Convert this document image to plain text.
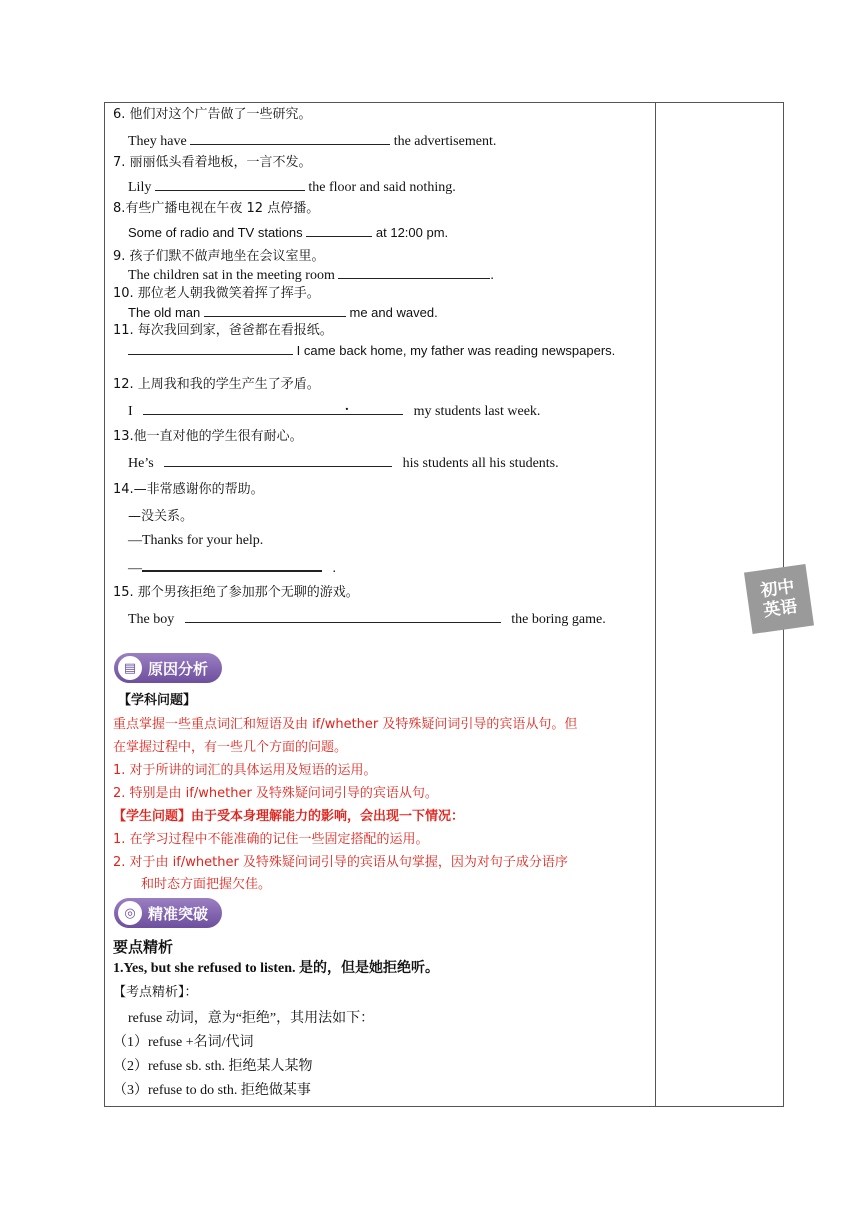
6. 他们对这个广告做了一些研究。
They have	the advertisement.
7. 丽丽低头看着地板，一言不发。
Lily	the floor and said nothing.
8.有些广播电视在午夜 12 点停播。
Some of radio and TV stations	at 12:00 pm.
9. 孩子们默不做声地坐在会议室里。
The children sat in the meeting room	.
10. 那位老人朝我微笑着挥了挥手。
The old man	me and waved.
11. 每次我回到家，爸爸都在看报纸。
I came back home, my father was reading newspapers.
12. 上周我和我的学生产生了矛盾。
I	.	my students last week.
13.他一直对他的学生很有耐心。
He’s	his students all his students.
14.—非常感谢你的帮助。
—没关系。
—Thanks for your help.
—	.
15. 那个男孩拒绝了参加那个无聊的游戏。
The boy	the boring game.
▤ 原因分析
【学科问题】
重点掌握一些重点词汇和短语及由 if/whether 及特殊疑问词引导的宾语从句。但
在掌握过程中，有一些几个方面的问题。
1. 对于所讲的词汇的具体运用及短语的运用。
2. 特别是由 if/whether 及特殊疑问词引导的宾语从句。
【学生问题】由于受本身理解能力的影响，会出现一下情况：
1. 在学习过程中不能准确的记住一些固定搭配的运用。
2. 对于由 if/whether 及特殊疑问词引导的宾语从句掌握，因为对句子成分语序
和时态方面把握欠佳。
◎ 精准突破
要点精析
1.Yes, but she refused to listen. 是的，但是她拒绝听。
【考点精析】：
refuse 动词，意为“拒绝”，其用法如下：
（1）refuse +名词/代词
（2）refuse sb. sth. 拒绝某人某物
（3）refuse to do sth. 拒绝做某事
初中
英语
